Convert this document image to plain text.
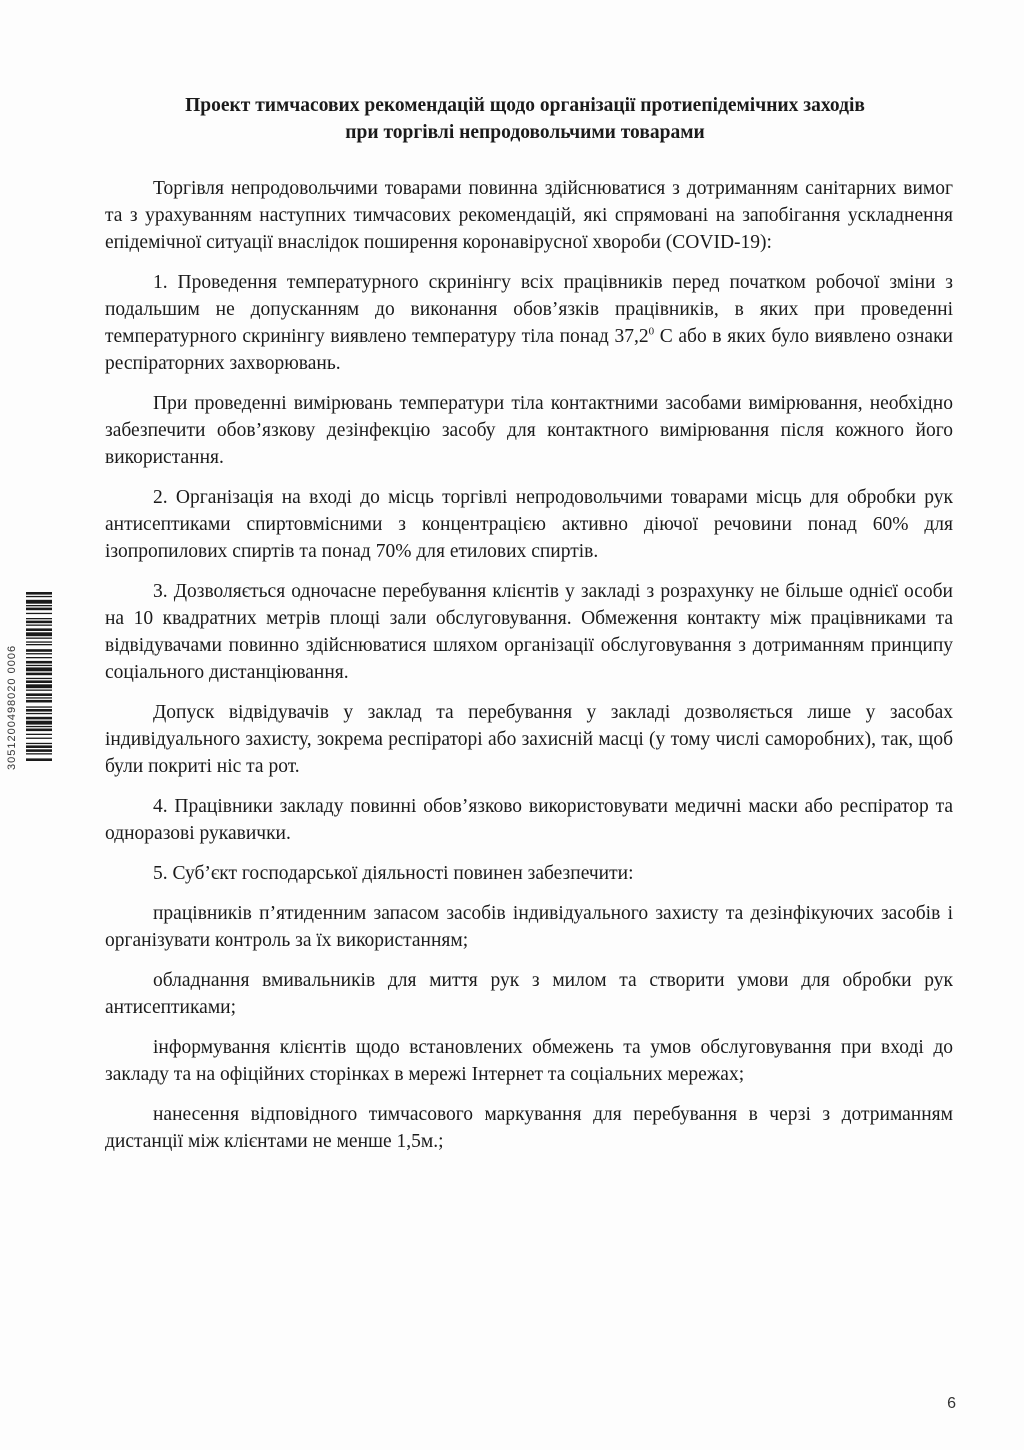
Проект тимчасових рекомендацій щодо організації протиепідемічних заходів
при торгівлі непродовольчими товарами

Торгівля непродовольчими товарами повинна здійснюватися з дотриманням санітарних вимог та з урахуванням наступних тимчасових рекомендацій, які спрямовані на запобігання ускладнення епідемічної ситуації внаслідок поширення коронавірусної хвороби (COVID-19):

1. Проведення температурного скринінгу всіх працівників перед початком робочої зміни з подальшим не допусканням до виконання обов’язків працівників, в яких при проведенні температурного скринінгу виявлено температуру тіла понад 37,2$^0$ С або в яких було виявлено ознаки респіраторних захворювань.

При проведенні вимірювань температури тіла контактними засобами вимірювання, необхідно забезпечити обов’язкову дезінфекцію засобу для контактного вимірювання після кожного його використання.

2. Організація на вході до місць торгівлі непродовольчими товарами місць для обробки рук антисептиками спиртовмісними з концентрацією активно діючої речовини понад 60% для ізопропилових спиртів та понад 70% для етилових спиртів.

3. Дозволяється одночасне перебування клієнтів у закладі з розрахунку не більше однієї особи на 10 квадратних метрів площі зали обслуговування. Обмеження контакту між працівниками та відвідувачами повинно здійснюватися шляхом організації обслуговування з дотриманням принципу соціального дистанціювання.

Допуск відвідувачів у заклад та перебування у закладі дозволяється лише у засобах індивідуального захисту, зокрема респіраторі або захисній масці (у тому числі саморобних), так, щоб були покриті ніс та рот.

4. Працівники закладу повинні обов’язково використовувати медичні маски або респіратор та одноразові рукавички.

5. Суб’єкт господарської діяльності повинен забезпечити:

працівників п’ятиденним запасом засобів індивідуального захисту та дезінфікуючих засобів і організувати контроль за їх використанням;

обладнання вмивальників для миття рук з милом та створити умови для обробки рук антисептиками;

інформування клієнтів щодо встановлених обмежень та умов обслуговування при вході до закладу та на офіційних сторінках в мережі Інтернет та соціальних мережах;

нанесення відповідного тимчасового маркування для перебування в черзі з дотриманням дистанції між клієнтами не менше 1,5м.;

3051200498020 0006
6
